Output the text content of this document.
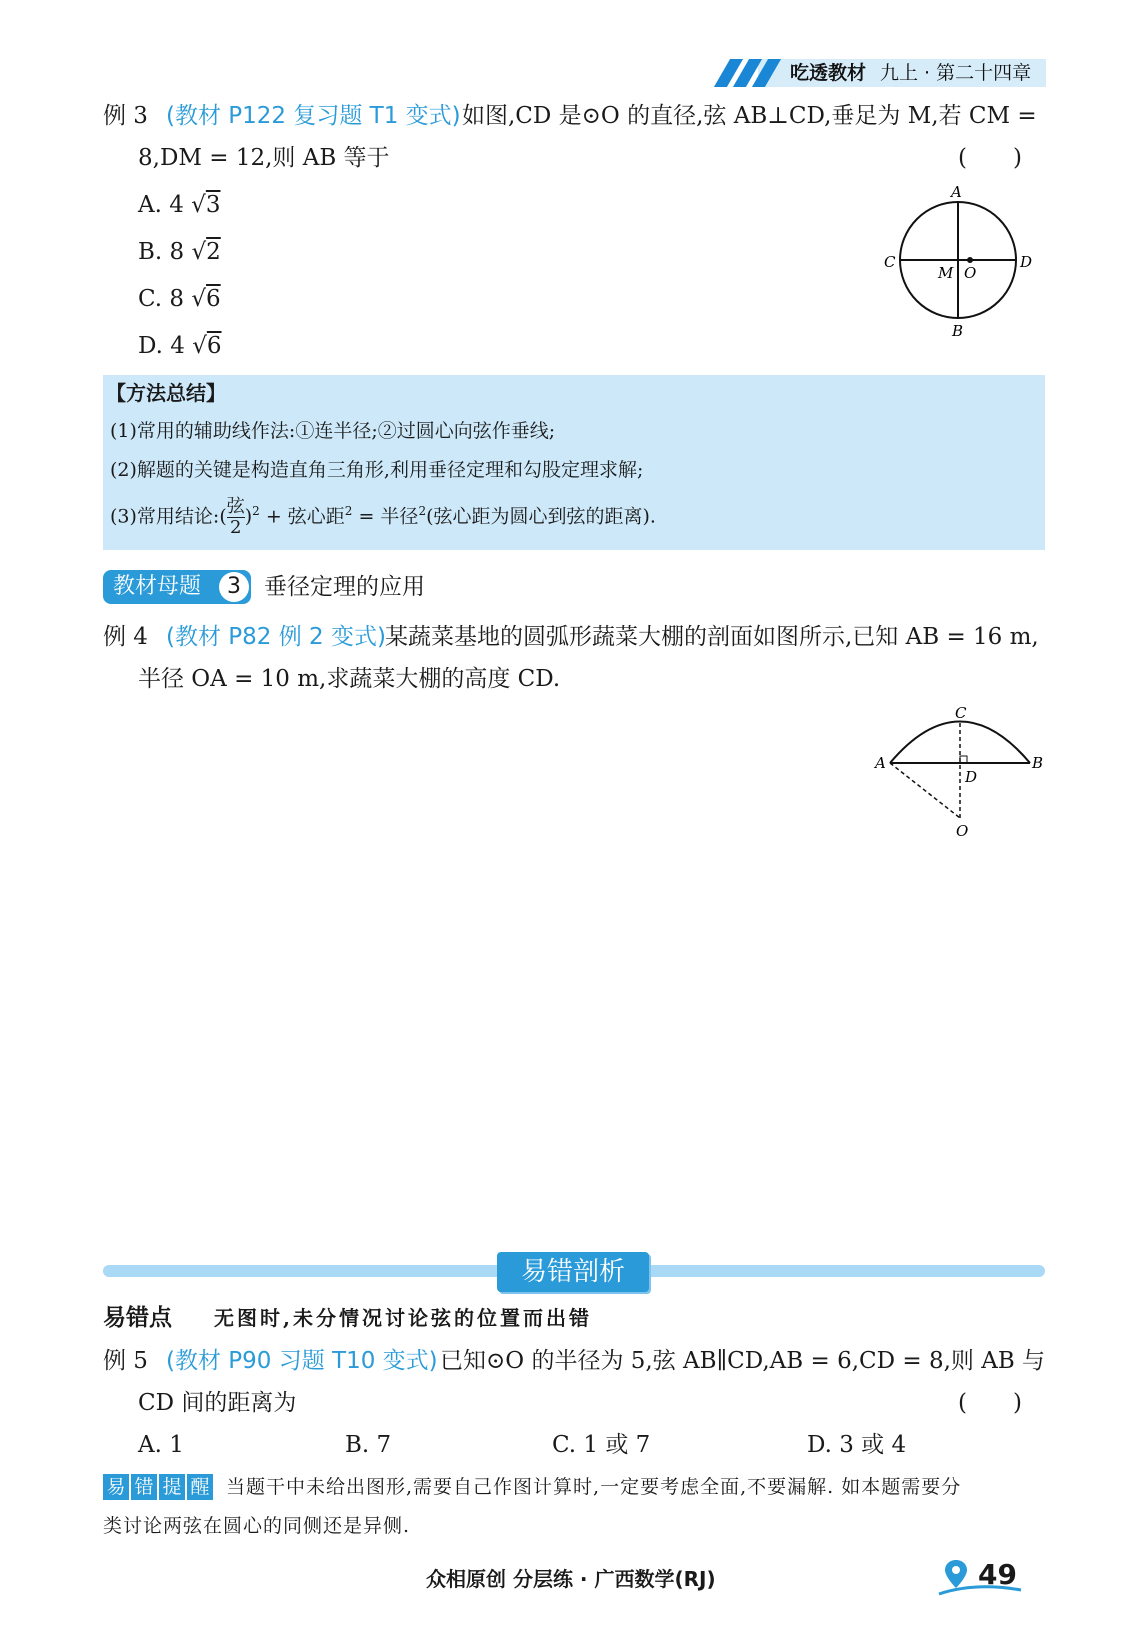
吃透教材 九上 · 第二十四章
例 3 (教材 P122 复习题 T1 变式) 如图,CD 是⊙O 的直径,弦 AB⊥CD,垂足为 M,若 CM =
8,DM = 12,则 AB 等于	(　　)
A. 4 √3
B. 8 √2
C. 8 √6
D. 4 √6
A
B
C	D
M O
【方法总结】
(1)常用的辅助线作法:①连半径;②过圆心向弦作垂线;
(2)解题的关键是构造直角三角形,利用垂径定理和勾股定理求解;
(3)常用结论:( $\frac{\text{弦}}{2} )^2$ + 弦心距$^2$ = 半径$^2$(弦心距为圆心到弦的距离).
教材母题	3	垂径定理的应用
例 4 (教材 P82 例 2 变式) 某蔬菜基地的圆弧形蔬菜大棚的剖面如图所示,已知 AB = 16 m,
半径 OA = 10 m,求蔬菜大棚的高度 CD.
C
A	B
D
O
易错剖析
易错点 无图时,未分情况讨论弦的位置而出错
例 5 (教材 P90 习题 T10 变式) 已知⊙O 的半径为 5,弦 AB∥CD,AB = 6,CD = 8,则 AB 与
CD 间的距离为	(　　)
A. 1	B. 7	C. 1 或 7	D. 3 或 4
易 错 提 醒 当题干中未给出图形,需要自己作图计算时,一定要考虑全面,不要漏解. 如本题需要分
类讨论两弦在圆心的同侧还是异侧.
众相原创 分层练 · 广西数学(RJ)	49
